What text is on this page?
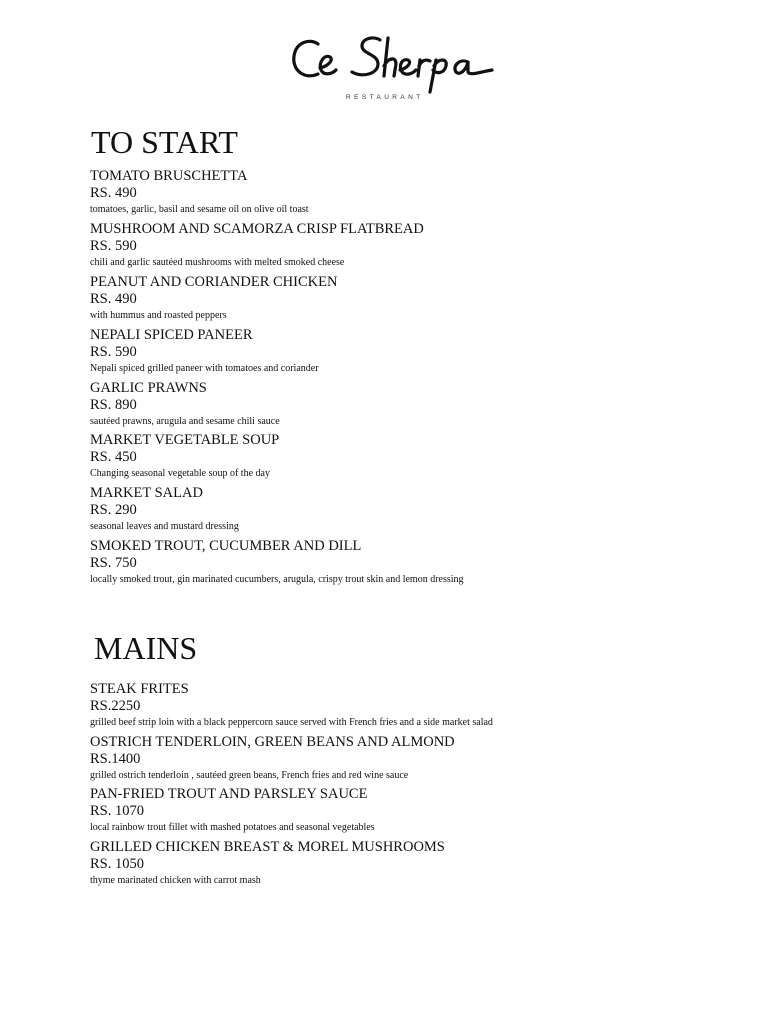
RESTAURANT
TO START
TOMATO BRUSCHETTA
RS. 490
tomatoes, garlic, basil and sesame oil on olive oil toast
MUSHROOM AND SCAMORZA CRISP FLATBREAD
RS. 590
chili and garlic sautéed mushrooms with melted smoked cheese
PEANUT AND CORIANDER CHICKEN
RS. 490
with hummus and roasted peppers
NEPALI SPICED PANEER
RS. 590
Nepali spiced grilled paneer with tomatoes and coriander
GARLIC PRAWNS
RS. 890
sautéed prawns, arugula and sesame chili sauce
MARKET VEGETABLE SOUP
RS. 450
Changing seasonal vegetable soup of the day
MARKET SALAD
RS. 290
seasonal leaves and mustard dressing
SMOKED TROUT, CUCUMBER AND DILL
RS. 750
locally smoked trout, gin marinated cucumbers, arugula, crispy trout skin and lemon dressing
MAINS
STEAK FRITES
RS.2250
grilled beef strip loin with a black peppercorn sauce served with French fries and a side market salad
OSTRICH TENDERLOIN, GREEN BEANS AND ALMOND
RS.1400
grilled ostrich tenderloin , sautéed green beans, French fries and red wine sauce
PAN-FRIED TROUT AND PARSLEY SAUCE
RS. 1070
local rainbow trout fillet with mashed potatoes and seasonal vegetables
GRILLED CHICKEN BREAST & MOREL MUSHROOMS
RS. 1050
thyme marinated chicken with carrot mash
